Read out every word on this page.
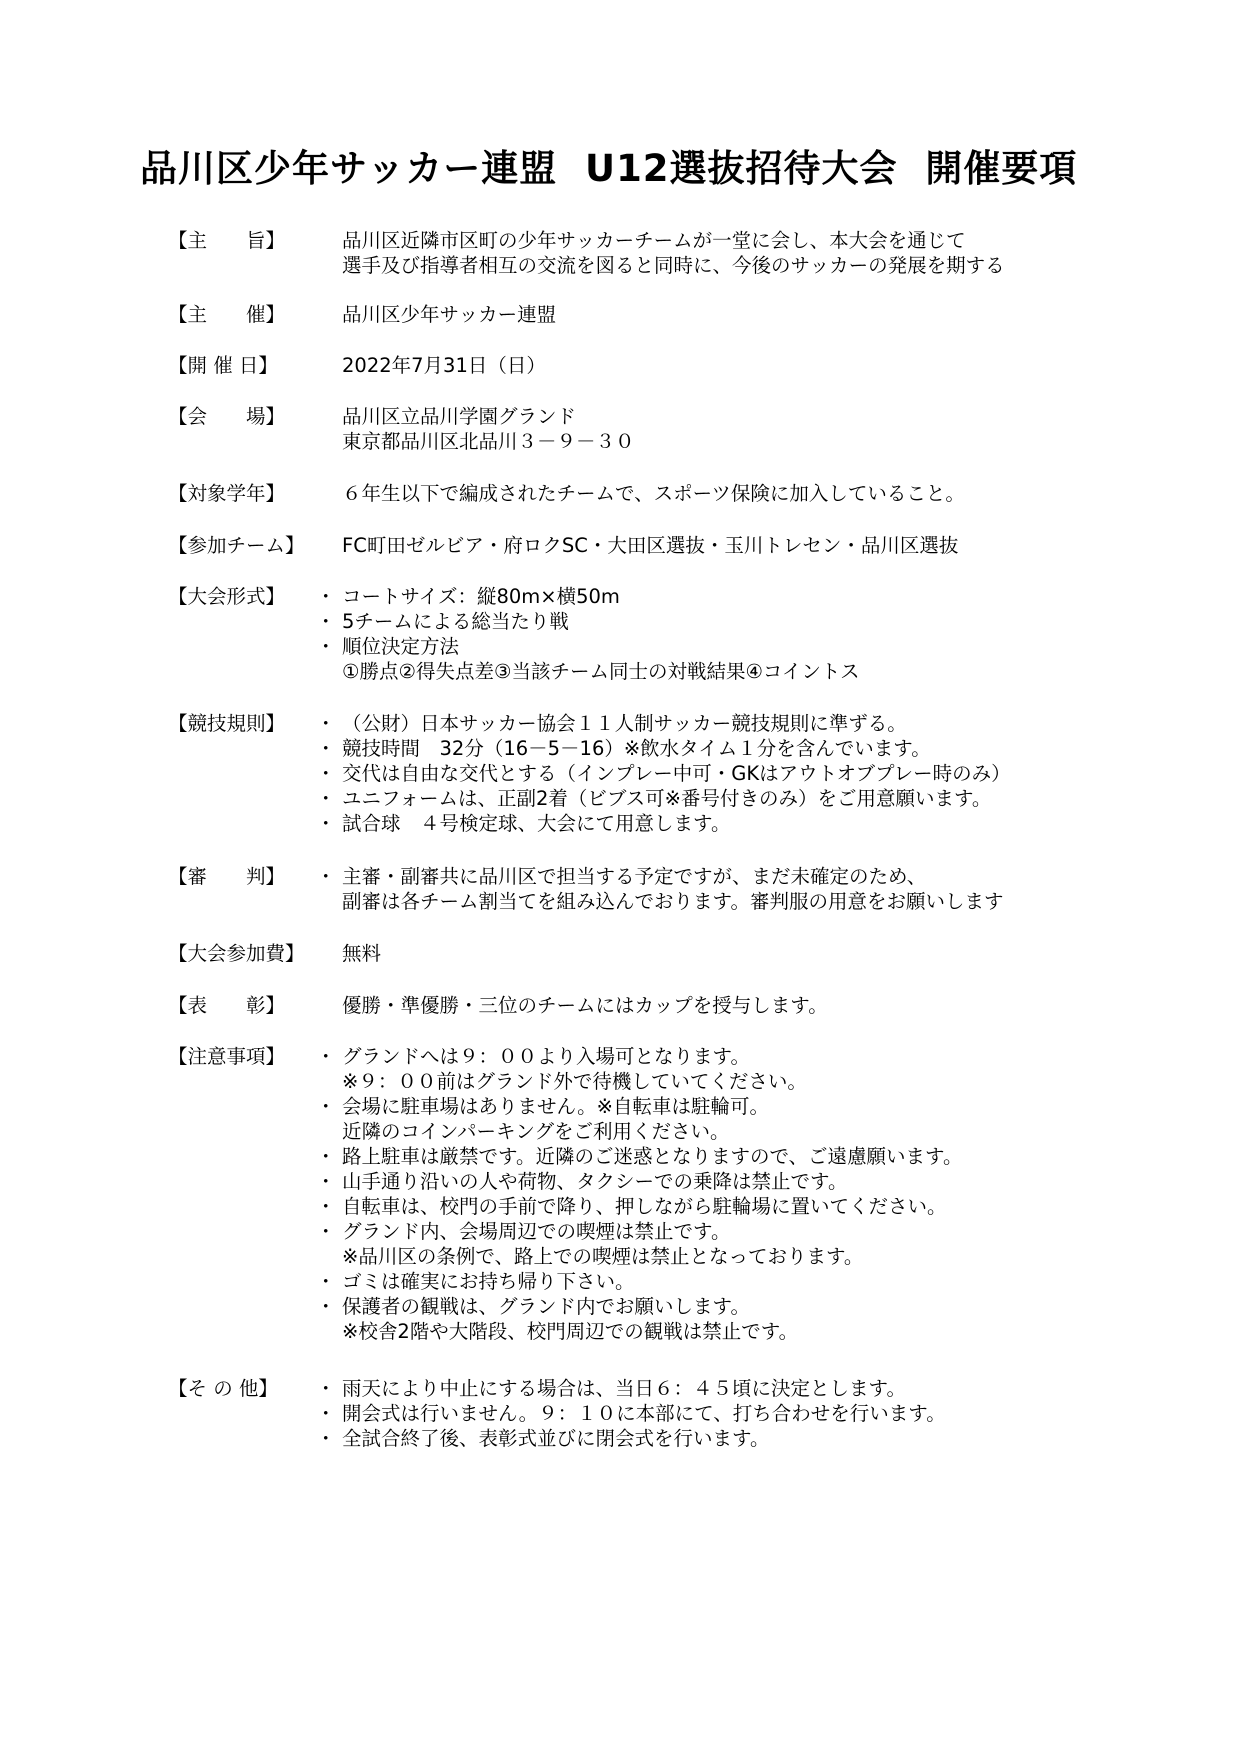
品川区少年サッカー連盟  U12選抜招待大会  開催要項
【主　　旨】	品川区近隣市区町の少年サッカーチームが一堂に会し、本大会を通じて
選手及び指導者相互の交流を図ると同時に、今後のサッカーの発展を期する
【主　　催】	品川区少年サッカー連盟
【開 催 日】	2022年7月31日（日）
【会　　場】	品川区立品川学園グランド
東京都品川区北品川３－９－３０
【対象学年】	６年生以下で編成されたチームで、スポーツ保険に加入していること。
【参加チーム】 FC町田ゼルビア・府ロクSC・大田区選抜・玉川トレセン・品川区選抜
【大会形式】	・ コートサイズ：縦80m×横50m
・ 5チームによる総当たり戦
・ 順位決定方法
①勝点②得失点差③当該チーム同士の対戦結果④コイントス
【競技規則】	・ （公財）日本サッカー協会１１人制サッカー競技規則に準ずる。
・ 競技時間　32分（16－5－16）※飲水タイム１分を含んでいます。
・ 交代は自由な交代とする（インプレー中可・GKはアウトオブプレー時のみ）
・ ユニフォームは、正副2着（ビブス可※番号付きのみ）をご用意願います。
・ 試合球　４号検定球、大会にて用意します。
【審　　判】	・ 主審・副審共に品川区で担当する予定ですが、まだ未確定のため、
副審は各チーム割当てを組み込んでおります。審判服の用意をお願いします
【大会参加費】 無料
【表　　彰】	優勝・準優勝・三位のチームにはカップを授与します。
【注意事項】	・ グランドへは９：００より入場可となります。
※９：００前はグランド外で待機していてください。
・ 会場に駐車場はありません。※自転車は駐輪可。
近隣のコインパーキングをご利用ください。
・ 路上駐車は厳禁です。近隣のご迷惑となりますので、ご遠慮願います。
・ 山手通り沿いの人や荷物、タクシーでの乗降は禁止です。
・ 自転車は、校門の手前で降り、押しながら駐輪場に置いてください。
・ グランド内、会場周辺での喫煙は禁止です。
※品川区の条例で、路上での喫煙は禁止となっております。
・ ゴミは確実にお持ち帰り下さい。
・ 保護者の観戦は、グランド内でお願いします。
※校舎2階や大階段、校門周辺での観戦は禁止です。
【そ の 他】	・ 雨天により中止にする場合は、当日６：４５頃に決定とします。
・ 開会式は行いません。９：１０に本部にて、打ち合わせを行います。
・ 全試合終了後、表彰式並びに閉会式を行います。
